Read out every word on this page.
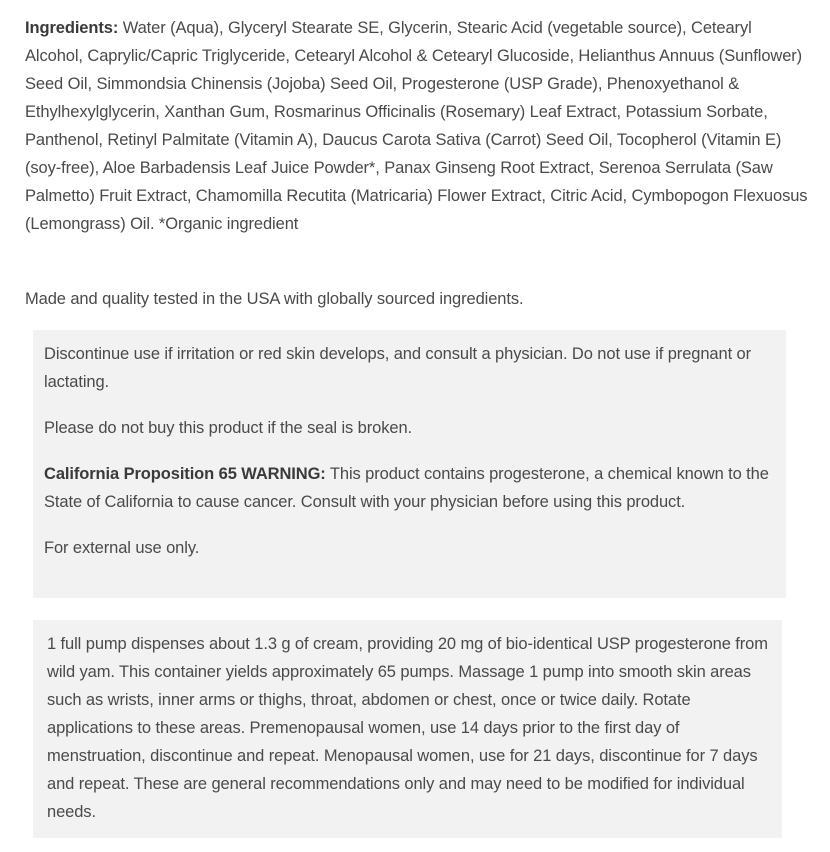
Ingredients: Water (Aqua), Glyceryl Stearate SE, Glycerin, Stearic Acid (vegetable source), Cetearyl Alcohol, Caprylic/Capric Triglyceride, Cetearyl Alcohol & Cetearyl Glucoside, Helianthus Annuus (Sunflower) Seed Oil, Simmondsia Chinensis (Jojoba) Seed Oil, Progesterone (USP Grade), Phenoxyethanol & Ethylhexylglycerin, Xanthan Gum, Rosmarinus Officinalis (Rosemary) Leaf Extract, Potassium Sorbate, Panthenol, Retinyl Palmitate (Vitamin A), Daucus Carota Sativa (Carrot) Seed Oil, Tocopherol (Vitamin E) (soy-free), Aloe Barbadensis Leaf Juice Powder*, Panax Ginseng Root Extract, Serenoa Serrulata (Saw Palmetto) Fruit Extract, Chamomilla Recutita (Matricaria) Flower Extract, Citric Acid, Cymbopogon Flexuosus (Lemongrass) Oil. *Organic ingredient

Made and quality tested in the USA with globally sourced ingredients.

Discontinue use if irritation or red skin develops, and consult a physician. Do not use if pregnant or lactating.

Please do not buy this product if the seal is broken.

California Proposition 65 WARNING: This product contains progesterone, a chemical known to the State of California to cause cancer. Consult with your physician before using this product.

For external use only.

1 full pump dispenses about 1.3 g of cream, providing 20 mg of bio-identical USP progesterone from wild yam. This container yields approximately 65 pumps. Massage 1 pump into smooth skin areas such as wrists, inner arms or thighs, throat, abdomen or chest, once or twice daily. Rotate applications to these areas. Premenopausal women, use 14 days prior to the first day of menstruation, discontinue and repeat. Menopausal women, use for 21 days, discontinue for 7 days and repeat. These are general recommendations only and may need to be modified for individual needs.
